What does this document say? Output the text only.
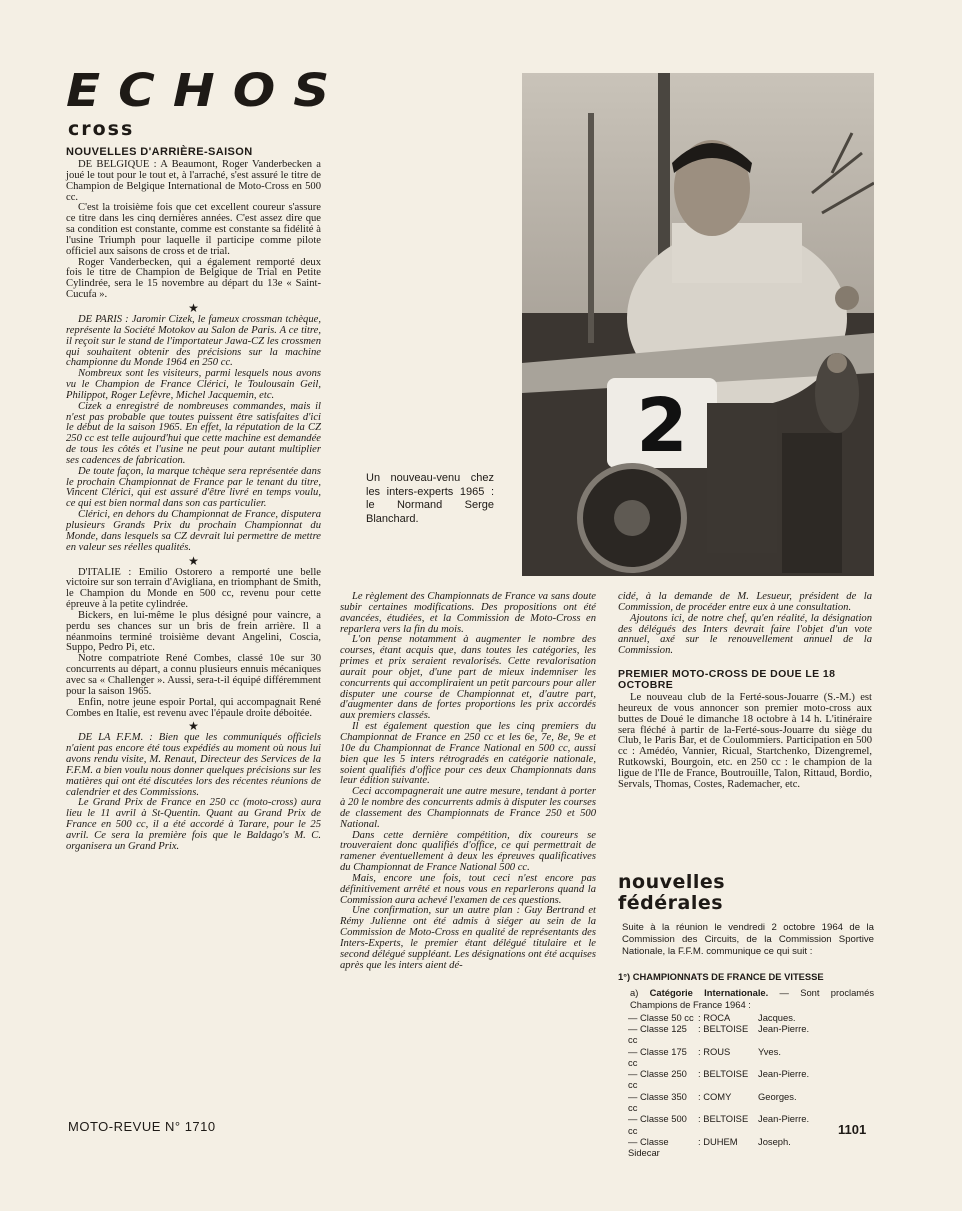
ECHOS
cross
NOUVELLES D'ARRIÈRE-SAISON

DE BELGIQUE : A Beaumont, Roger Vanderbecken a joué le tout pour le tout et, à l'arraché, s'est assuré le titre de Champion de Belgique International de Moto-Cross en 500 cc.

C'est la troisième fois que cet excellent coureur s'assure ce titre dans les cinq dernières années. C'est assez dire que sa condition est constante, comme est constante sa fidélité à l'usine Triumph pour laquelle il participe comme pilote officiel aux saisons de cross et de trial.

Roger Vanderbecken, qui a également remporté deux fois le titre de Champion de Belgique de Trial en Petite Cylindrée, sera le 15 novembre au départ du 13e « Saint-Cucufa ».

★

DE PARIS : Jaromir Cizek, le fameux crossman tchèque, représente la Société Motokov au Salon de Paris. A ce titre, il reçoit sur le stand de l'importateur Jawa-CZ les crossmen qui souhaitent obtenir des précisions sur la machine championne du Monde 1964 en 250 cc.

Nombreux sont les visiteurs, parmi lesquels nous avons vu le Champion de France Clérici, le Toulousain Geil, Philippot, Roger Lefèvre, Michel Jacquemin, etc.

Cizek a enregistré de nombreuses commandes, mais il n'est pas probable que toutes puissent être satisfaites d'ici le début de la saison 1965. En effet, la réputation de la CZ 250 cc est telle aujourd'hui que cette machine est demandée de tous les côtés et l'usine ne peut pour autant multiplier ses cadences de fabrication.

De toute façon, la marque tchèque sera représentée dans le prochain Championnat de France par le tenant du titre, Vincent Clérici, qui est assuré d'être livré en temps voulu, ce qui est bien normal dans son cas particulier.

Clérici, en dehors du Championnat de France, disputera plusieurs Grands Prix du prochain Championnat du Monde, dans lesquels sa CZ devrait lui permettre de mettre en valeur ses réelles qualités.

★

D'ITALIE : Emilio Ostorero a remporté une belle victoire sur son terrain d'Avigliana, en triomphant de Smith, le Champion du Monde en 500 cc, revenu pour cette épreuve à la petite cylindrée.

Bickers, en lui-même le plus désigné pour vaincre, a perdu ses chances sur un bris de frein arrière. Il a néanmoins terminé troisième devant Angelini, Coscia, Suppo, Pedro Pi, etc.

Notre compatriote René Combes, classé 10e sur 30 concurrents au départ, a connu plusieurs ennuis mécaniques avec sa « Challenger ». Aussi, sera-t-il équipé différemment pour la saison 1965.

Enfin, notre jeune espoir Portal, qui accompagnait René Combes en Italie, est revenu avec l'épaule droite déboitée.

★

DE LA F.F.M. : Bien que les communiqués officiels n'aient pas encore été tous expédiés au moment où nous lui avons rendu visite, M. Renaut, Directeur des Services de la F.F.M. a bien voulu nous donner quelques précisions sur les matières qui ont été discutées lors des récentes réunions de calendrier et des Commissions.

Le Grand Prix de France en 250 cc (moto-cross) aura lieu le 11 avril à St-Quentin. Quant au Grand Prix de France en 500 cc, il a été accordé à Tarare, pour le 25 avril. Ce sera la première fois que le Baldago's M. C. organisera un Grand Prix.

Un nouveau-venu chez les inters-experts 1965 : le Normand Serge Blanchard.
2

Le règlement des Championnats de France va sans doute subir certaines modifications. Des propositions ont été avancées, étudiées, et la Commission de Moto-Cross en reparlera vers la fin du mois.

L'on pense notamment à augmenter le nombre des courses, étant acquis que, dans toutes les catégories, les primes et prix seraient revalorisés. Cette revalorisation aurait pour objet, d'une part de mieux indemniser les concurrents qui accompliraient un petit parcours pour aller disputer une course de Championnat et, d'autre part, d'augmenter dans de fortes proportions les prix accordés aux premiers classés.

Il est également question que les cinq premiers du Championnat de France en 250 cc et les 6e, 7e, 8e, 9e et 10e du Championnat de France National en 500 cc, aussi bien que les 5 inters rétrogradés en catégorie nationale, soient qualifiés d'office pour ces deux Championnats dans leur édition suivante.

Ceci accompagnerait une autre mesure, tendant à porter à 20 le nombre des concurrents admis à disputer les courses de classement des Championnats de France 250 et 500 National.

Dans cette dernière compétition, dix coureurs se trouveraient donc qualifiés d'office, ce qui permettrait de ramener éventuellement à deux les épreuves qualificatives du Championnat de France National 500 cc.

Mais, encore une fois, tout ceci n'est encore pas définitivement arrêté et nous vous en reparlerons quand la Commission aura achevé l'examen de ces questions.

Une confirmation, sur un autre plan : Guy Bertrand et Rémy Julienne ont été admis à siéger au sein de la Commission de Moto-Cross en qualité de représentants des Inters-Experts, le premier étant délégué titulaire et le second délégué suppléant. Les désignations ont été acquises après que les inters aient dé-

cidé, à la demande de M. Lesueur, président de la Commission, de procéder entre eux à une consultation.

Ajoutons ici, de notre chef, qu'en réalité, la désignation des délégués des Inters devrait faire l'objet d'un vote annuel, axé sur le renouvellement annuel de la Commission.

PREMIER MOTO-CROSS DE DOUE LE 18 OCTOBRE

Le nouveau club de la Ferté-sous-Jouarre (S.-M.) est heureux de vous annoncer son premier moto-cross aux buttes de Doué le dimanche 18 octobre à 14 h. L'itinéraire sera fléché à partir de la-Ferté-sous-Jouarre du siège du Club, le Paris Bar, et de Coulommiers. Participation en 500 cc : Amédéo, Vannier, Ricual, Startchenko, Dizengremel, Rutkowski, Bourgoin, etc. en 250 cc : le champion de la ligue de l'Ile de France, Boutrouille, Talon, Rittaud, Bordio, Servals, Thomas, Costes, Rademacher, etc.

nouvelles
fédérales
Suite à la réunion le vendredi 2 octobre 1964 de la Commission des Circuits, de la Commission Sportive Nationale, la F.F.M. communique ce qui suit :
1°) CHAMPIONNATS DE FRANCE DE VITESSE
a) Catégorie Internationale. — Sont proclamés Champions de France 1964 :
— Classe 50 cc : ROCA	Jacques.
— Classe 125 cc
: BELTOISE	Jean-Pierre.
— Classe 175 cc
: ROUS	Yves.
— Classe 250 cc
: BELTOISE	Jean-Pierre.
— Classe 350 cc
: COMY	Georges.
— Classe 500 cc
: BELTOISE	Jean-Pierre.
— Classe Sidecar
: DUHEM	Joseph.
MOTO-REVUE N° 1710	1101
